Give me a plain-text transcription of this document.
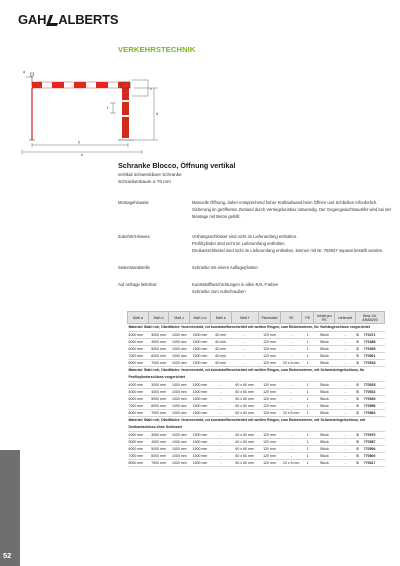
GAH ALBERTS
VERKEHRSTECHNIK
a
b
c
d
e
f
Schranke Blocco, Öffnung vertikal
vertikal schwenkbare Schranke
Schrankenbaum ⌀ 76 mm
Montagehinweis:	Manuelle Öffnung, daher entsprechend hoher Kraftaufwand beim Öffnen und Schließen erforderlich.
Sicherung im geöffneten Zustand durch Verriegelunsbox notwendig. Der Gegengewichtsauslfer wird bei der
Montage mit Beton gefüllt.
Zubehör/Hinweis:	Vorhängeschlösser sind nicht im Lieferumfang enthalten.
Profilzylinder sind nicht im Lieferumfang enthalten.
Dreikantschlüssel sind nicht im Lieferumfang enthalten, können mit Nr. 783047 separat bestellt werden.
Seitenstandstelle	Schranke mit einem Auflagepfosten
Auf Anfrage lieferbar:	Kunststoffbeschichtungen in allen RAL-Farben
Schranke zum Aufschrauben
Maß a	Maß b	Maß c	Maß d ⌀	Maß e	Maß f	Flachstahl	VE	PE	Inhalt pro PE	Lieferzeit	Best.-Nr. ARAB200
Material: Stahl roh, Oberfläche: feuerverzinkt, rot kunststoffbeschichtet mit weißen Ringen, zum Einbetonieren, für Vorhängeschloss vorgerichtet											
4000 mm	3000 mm	1000 mm	1500 mm	60 mm	-	120 mm	-	1	Stück	-	S 770471
5000 mm	4000 mm	1000 mm	1500 mm	60 mm	-	120 mm	-	1	Stück	-	S 770488
6000 mm	5000 mm	1000 mm	1500 mm	60 mm	-	120 mm	-	1	Stück	-	S 770495
7000 mm	6000 mm	1000 mm	1500 mm	60 mm	-	120 mm	-	1	Stück	-	S 770501
8000 mm	7000 mm	1000 mm	1500 mm	60 mm	-	120 mm	20 x 6 mm	1	Stück	-	S 770518
Material: Stahl roh, Oberfläche: feuerverzinkt, rot kunststoffbeschichtet mit weißen Ringen, zum Einbetonieren, mit Schwenkriegelschloss, für Profilzylinderschloss vorgerichtet											
4000 mm	3000 mm	1000 mm	1500 mm	-	60 x 60 mm	120 mm	-	1	Stück	-	S 770525
5000 mm	4000 mm	1000 mm	1500 mm	-	60 x 60 mm	120 mm	-	1	Stück	-	S 770532
6000 mm	5000 mm	1000 mm	1500 mm	-	60 x 60 mm	120 mm	-	1	Stück	-	S 770549
7000 mm	6000 mm	1000 mm	1500 mm	-	60 x 60 mm	120 mm	-	1	Stück	-	S 770556
8000 mm	7000 mm	1000 mm	1500 mm	-	60 x 60 mm	120 mm	20 x 6 mm	1	Stück	-	S 770563
Material: Stahl roh, Oberfläche: feuerverzinkt, rot kunststoffbeschichtet mit weißen Ringen, zum Einbetonieren, mit Schwenkriegelschloss, mit Dreikantschloss ohne Schlüssel											
4000 mm	3000 mm	1000 mm	1500 mm	-	60 x 60 mm	120 mm	-	1	Stück	-	S 770570
5000 mm	4000 mm	1000 mm	1500 mm	-	60 x 60 mm	120 mm	-	1	Stück	-	S 770587
6000 mm	5000 mm	1000 mm	1500 mm	-	60 x 60 mm	120 mm	-	1	Stück	-	S 770594
7000 mm	6000 mm	1000 mm	1500 mm	-	60 x 60 mm	120 mm	-	1	Stück	-	S 770600
8000 mm	7000 mm	1000 mm	1500 mm	-	60 x 60 mm	120 mm	20 x 6 mm	1	Stück	-	S 770617
52
